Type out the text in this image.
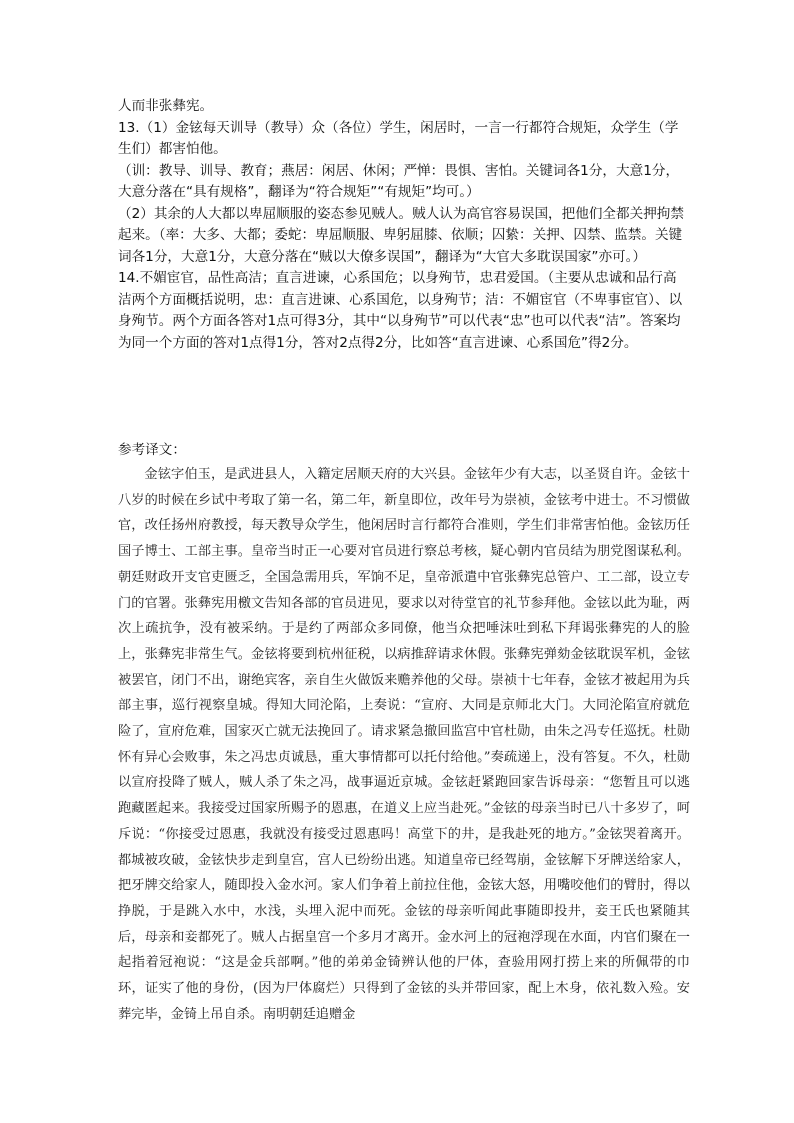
人而非张彝宪。

13.（1）金铉每天训导（教导）众（各位）学生，闲居时，一言一行都符合规矩，众学生（学生们）都害怕他。

（训：教导、训导、教育；燕居：闲居、休闲；严惮：畏惧、害怕。关键词各1分，大意1分，大意分落在“具有规格”，翻译为“符合规矩”“有规矩”均可。）

（2）其余的人大都以卑屈顺服的姿态参见贼人。贼人认为高官容易误国，把他们全都关押拘禁起来。（率：大多、大都；委蛇：卑屈顺服、卑躬屈膝、依顺；囚絷：关押、囚禁、监禁。关键词各1分，大意1分，大意分落在“贼以大僚多误国”，翻译为“大官大多耽误国家”亦可。）

14.不媚宦官，品性高洁；直言进谏，心系国危；以身殉节，忠君爱国。（主要从忠诚和品行高洁两个方面概括说明，忠：直言进谏、心系国危，以身殉节；洁：不媚宦官（不卑事宦官）、以身殉节。两个方面各答对1点可得3分，其中“以身殉节”可以代表“忠”也可以代表“洁”。答案均为同一个方面的答对1点得1分，答对2点得2分，比如答“直言进谏、心系国危”得2分。

参考译文：

金铉字伯玉，是武进县人，入籍定居顺天府的大兴县。金铉年少有大志，以圣贤自许。金铉十八岁的时候在乡试中考取了第一名，第二年，新皇即位，改年号为崇祯，金铉考中进士。不习惯做官，改任扬州府教授，每天教导众学生，他闲居时言行都符合准则，学生们非常害怕他。金铉历任国子博士、工部主事。皇帝当时正一心要对官员进行察总考核，疑心朝内官员结为朋党图谋私利。朝廷财政开支官吏匮乏，全国急需用兵，军饷不足，皇帝派遣中官张彝宪总管户、工二部，设立专门的官署。张彝宪用檄文告知各部的官员进见，要求以对待堂官的礼节参拜他。金铉以此为耻，两次上疏抗争，没有被采纳。于是约了两部众多同僚，他当众把唾沫吐到私下拜谒张彝宪的人的脸上，张彝宪非常生气。金铉将要到杭州征税，以病推辞请求休假。张彝宪弹劾金铉耽误军机，金铉被罢官，闭门不出，谢绝宾客，亲自生火做饭来赡养他的父母。崇祯十七年春，金铉才被起用为兵部主事，巡行视察皇城。得知大同沦陷，上奏说：“宣府、大同是京师北大门。大同沦陷宣府就危险了，宣府危难，国家灭亡就无法挽回了。请求紧急撤回监宫中官杜勋，由朱之冯专任巡抚。杜勋怀有异心会败事，朱之冯忠贞诚恳，重大事情都可以托付给他。”奏疏递上，没有答复。不久，杜勋以宣府投降了贼人，贼人杀了朱之冯，战事逼近京城。金铉赶紧跑回家告诉母亲：“您暂且可以逃跑藏匿起来。我接受过国家所赐予的恩惠，在道义上应当赴死。”金铉的母亲当时已八十多岁了，呵斥说：“你接受过恩惠，我就没有接受过恩惠吗！高堂下的井，是我赴死的地方。”金铉哭着离开。都城被攻破，金铉快步走到皇宫，宫人已纷纷出逃。知道皇帝已经驾崩，金铉解下牙牌送给家人，把牙牌交给家人，随即投入金水河。家人们争着上前拉住他，金铉大怒，用嘴咬他们的臂肘，得以挣脱，于是跳入水中，水浅，头埋入泥中而死。金铉的母亲听闻此事随即投井，妾王氏也紧随其后，母亲和妾都死了。贼人占据皇宫一个多月才离开。金水河上的冠袍浮现在水面，内官们聚在一起指着冠袍说：“这是金兵部啊。”他的弟弟金锜辨认他的尸体，查验用网打捞上来的所佩带的巾环，证实了他的身份，(因为尸体腐烂）只得到了金铉的头并带回家，配上木身，依礼数入殓。安葬完毕，金锜上吊自杀。南明朝廷追赠金
